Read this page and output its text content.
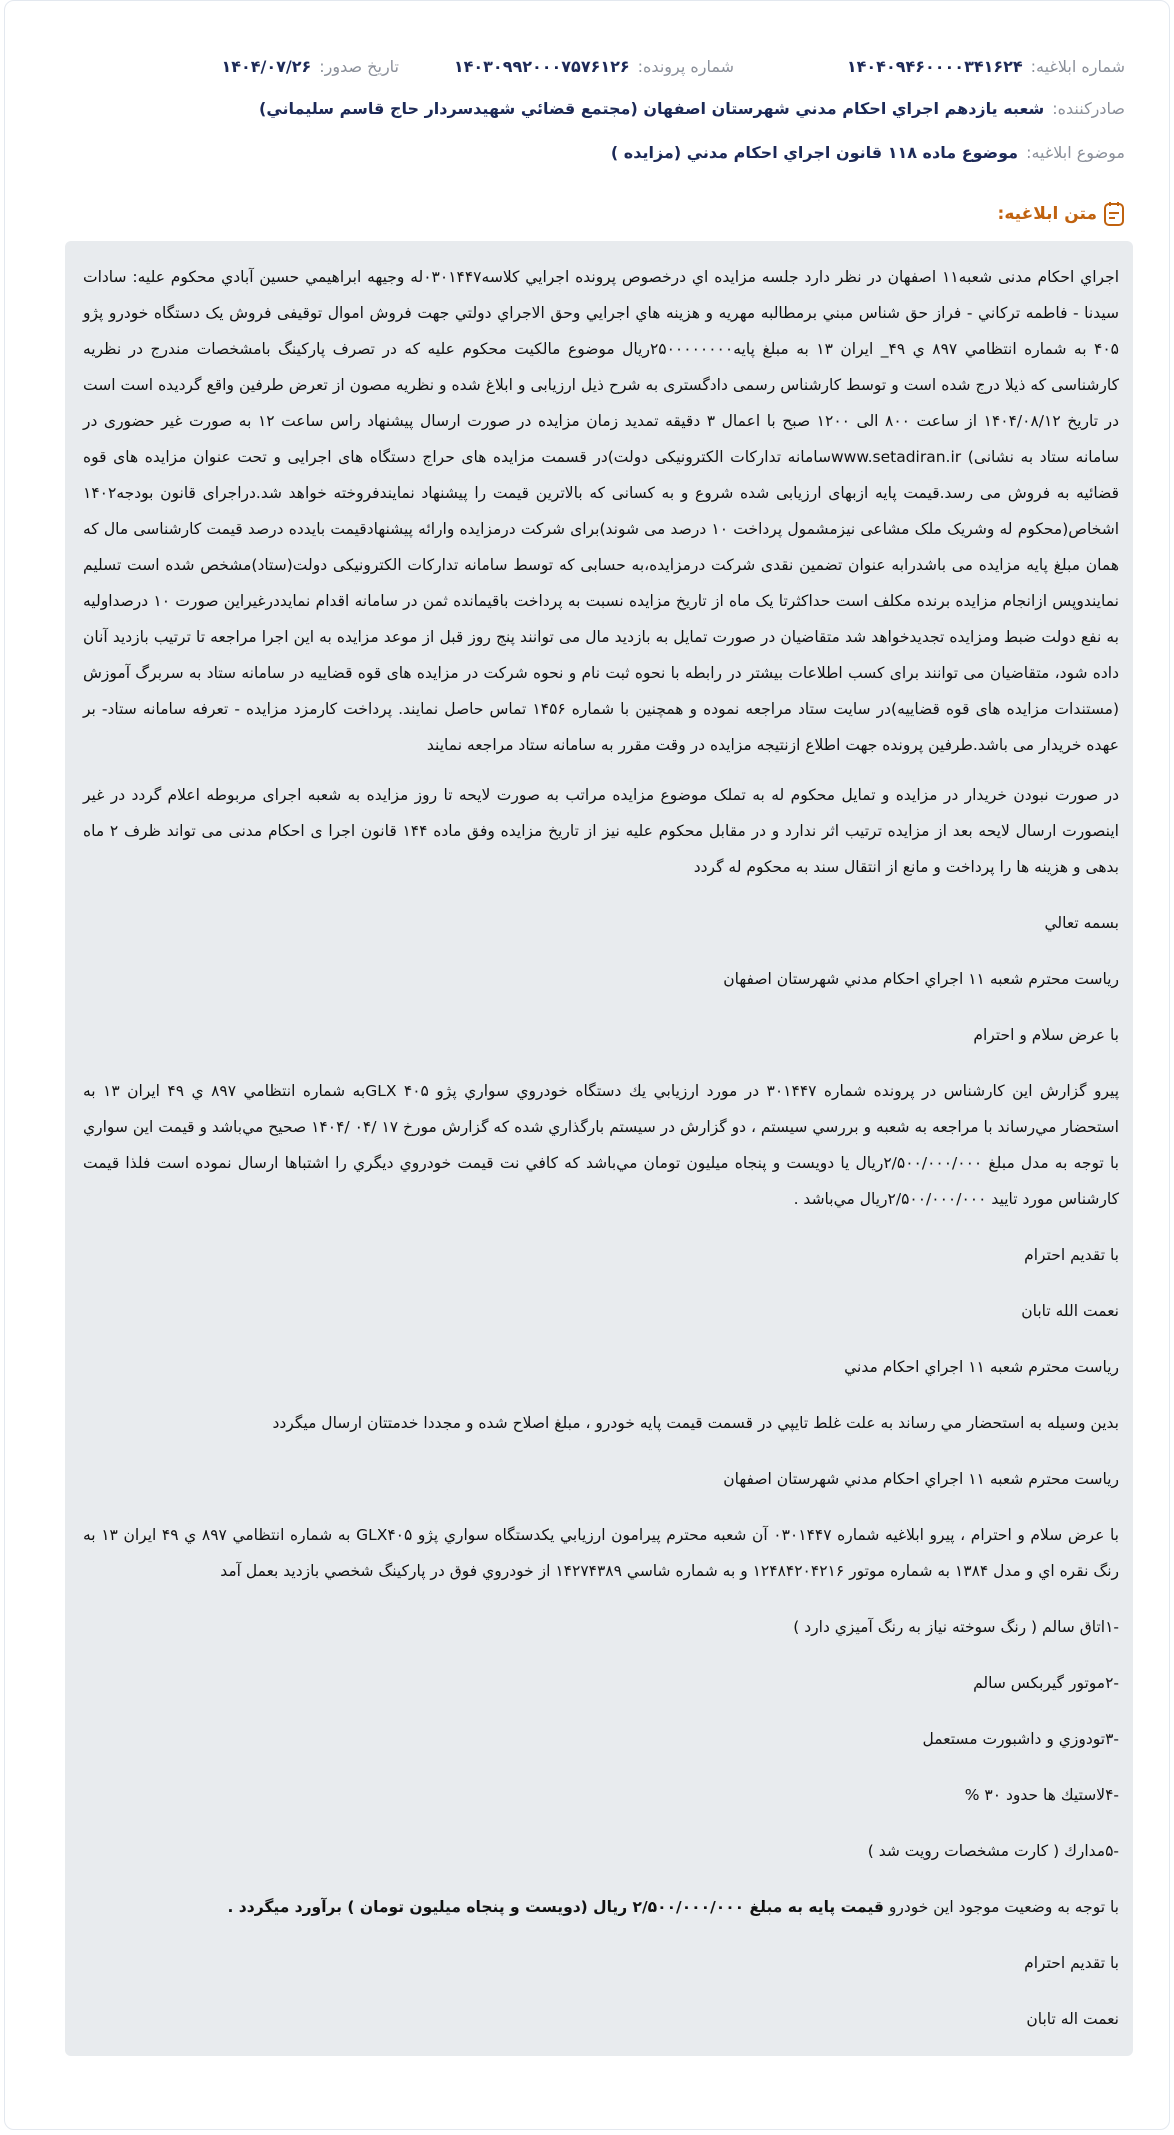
شماره ابلاغيه:
۱۴۰۴۰۹۴۶۰۰۰۰۳۴۱۶۲۴
شماره پرونده:
۱۴۰۳۰۹۹۲۰۰۰۷۵۷۶۱۲۶
تاريخ صدور:
۱۴۰۴/۰۷/۲۶
صادرکننده:
شعبه يازدهم اجراي احكام مدني شهرستان اصفهان (مجتمع قضائي شهيدسردار حاج قاسم سليماني)
موضوع ابلاغيه:
موضوع ماده ۱۱۸ قانون اجراي احكام مدني (مزايده )
متن ابلاغيه:

اجراي احكام مدنى شعبه۱۱ اصفهان در نظر دارد جلسه مزايده اي درخصوص پرونده اجرايي كلاسه۰۳۰۱۴۴۷له وجيهه ابراهيمي حسين آبادي محكوم عليه: سادات سيدنا - فاطمه تركاني - فراز حق شناس مبني برمطالبه مهريه و هزينه هاي اجرايي وحق الاجراي دولتي جهت فروش اموال توقيفی فروش یک دستگاه خودرو پژو ۴۰۵ به شماره انتظامي ۸۹۷ ي ۴۹_ ایران ۱۳ به مبلغ پایه۲۵۰۰۰۰۰۰۰۰ریال موضوع مالکیت محکوم علیه که در تصرف پارکینگ بامشخصات مندرج در نظریه کارشناسی که ذیلا درج شده است و توسط کارشناس رسمی دادگستری به شرح ذیل ارزیابی و ابلاغ شده و نظریه مصون از تعرض طرفین واقع گردیده است است در تاریخ ۱۴۰۴/۰۸/۱۲ از ساعت ۸۰۰ الی ۱۲۰۰ صبح با اعمال ۳ دقیقه تمدید زمان مزایده در صورت ارسال پیشنهاد راس ساعت ۱۲ به صورت غیر حضوری در سامانه ستاد به نشانی) www.setadiran.irسامانه تدارکات الکترونیکی دولت)در قسمت مزایده های حراج دستگاه های اجرایی و تحت عنوان مزایده های قوه قضائیه به فروش می رسد.قیمت پایه ازبهای ارزیابی شده شروع و به کسانی که بالاترین قیمت را پیشنهاد نمایندفروخته خواهد شد.دراجرای قانون بودجه۱۴۰۲ اشخاص(محکوم له وشریک ملک مشاعی نیزمشمول پرداخت ۱۰ درصد می شوند)برای شرکت درمزایده وارائه پیشنهادقیمت بایدده درصد قیمت کارشناسی مال که همان مبلغ پایه مزایده می باشدرابه عنوان تضمین نقدی شرکت درمزایده،به حسابی که توسط سامانه تدارکات الکترونیکی دولت(ستاد)مشخص شده است تسلیم نمایندوپس ازانجام مزایده برنده مکلف است حداکثرتا یک ماه از تاریخ مزایده نسبت به پرداخت باقیمانده ثمن در سامانه اقدام نمایددرغیراین صورت ۱۰ درصداولیه به نفع دولت ضبط ومزایده تجدیدخواهد شد متقاضیان در صورت تمایل به بازدید مال می توانند پنج روز قبل از موعد مزایده به این اجرا مراجعه تا ترتیب بازدید آنان داده شود، متقاضیان می توانند برای کسب اطلاعات بیشتر در رابطه با نحوه ثبت نام و نحوه شرکت در مزایده های قوه قضاییه در سامانه ستاد به سربرگ آموزش (مستندات مزایده های قوه قضاییه)در سایت ستاد مراجعه نموده و همچنین با شماره ۱۴۵۶ تماس حاصل نمایند. پرداخت کارمزد مزایده - تعرفه سامانه ستاد- بر عهده خریدار می باشد.طرفین پرونده جهت اطلاع ازنتیجه مزایده در وقت مقرر به سامانه ستاد مراجعه نمایند

در صورت نبودن خریدار در مزایده و تمایل محکوم له به تملک موضوع مزایده مراتب به صورت لایحه تا روز مزایده به شعبه اجرای مربوطه اعلام گردد در غیر اینصورت ارسال لایحه بعد از مزایده ترتیب اثر ندارد و در مقابل محکوم علیه نیز از تاریخ مزایده وفق ماده ۱۴۴ قانون اجرا ی احکام مدنی می تواند ظرف ۲ ماه بدهی و هزینه ها را پرداخت و مانع از انتقال سند به محکوم له گردد

بسمه تعالي

رياست محترم شعبه ۱۱ اجراي احكام مدني شهرستان اصفهان

با عرض سلام و احترام

پيرو گزارش اين كارشناس در پرونده شماره ۳۰۱۴۴۷ در مورد ارزيابي يك دستگاه خودروي سواري پژو ۴۰۵ GLXبه شماره انتظامي ۸۹۷ ي ۴۹ ايران ۱۳ به استحضار مي‌رساند با مراجعه به شعبه و بررسي سيستم ، دو گزارش در سيستم بارگذاري شده كه گزارش مورخ ۱۷ /۰۴ /۱۴۰۴ صحيح مي‌باشد و قيمت اين سواري با توجه به مدل مبلغ ۲/۵۰۰/۰۰۰/۰۰۰ريال يا دويست و پنجاه ميليون تومان مي‌باشد كه كافي نت قيمت خودروي ديگري را اشتباها ارسال نموده است فلذا قيمت كارشناس مورد تاييد ۲/۵۰۰/۰۰۰/۰۰۰ريال مي‌باشد .

با تقديم احترام

نعمت الله تابان

رياست محترم شعبه ۱۱ اجراي احكام مدني

بدين وسيله به استحضار مي رساند به علت غلط تايپي در قسمت قيمت پايه خودرو ، مبلغ اصلاح شده و مجددا خدمتتان ارسال ميگردد

رياست محترم شعبه ۱۱ اجراي احكام مدني شهرستان اصفهان

با عرض سلام و احترام ، پيرو ابلاغيه شماره ۰۳۰۱۴۴۷ آن شعبه محترم پيرامون ارزيابي يكدستگاه سواري پژو GLX۴۰۵ به شماره انتظامي ۸۹۷ ي ۴۹ ايران ۱۳ به رنگ نقره اي و مدل ۱۳۸۴ به شماره موتور ۱۲۴۸۴۲۰۴۲۱۶ و به شماره شاسي ۱۴۲۷۴۳۸۹ از خودروي فوق در پاركينگ شخصي بازديد بعمل آمد

-۱اتاق سالم ( رنگ سوخته نياز به رنگ آميزي دارد )

-۲موتور گيربكس سالم

-۳تودوزي و داشبورت مستعمل

-۴لاستيك ها حدود ۳۰ %

-۵مدارك ( كارت مشخصات رويت شد )

با توجه به وضعيت موجود اين خودرو قيمت پايه به مبلغ ۲/۵۰۰/۰۰۰/۰۰۰ ريال (دويست و پنجاه ميليون تومان ) برآورد ميگردد .

با تقديم احترام

نعمت اله تابان
